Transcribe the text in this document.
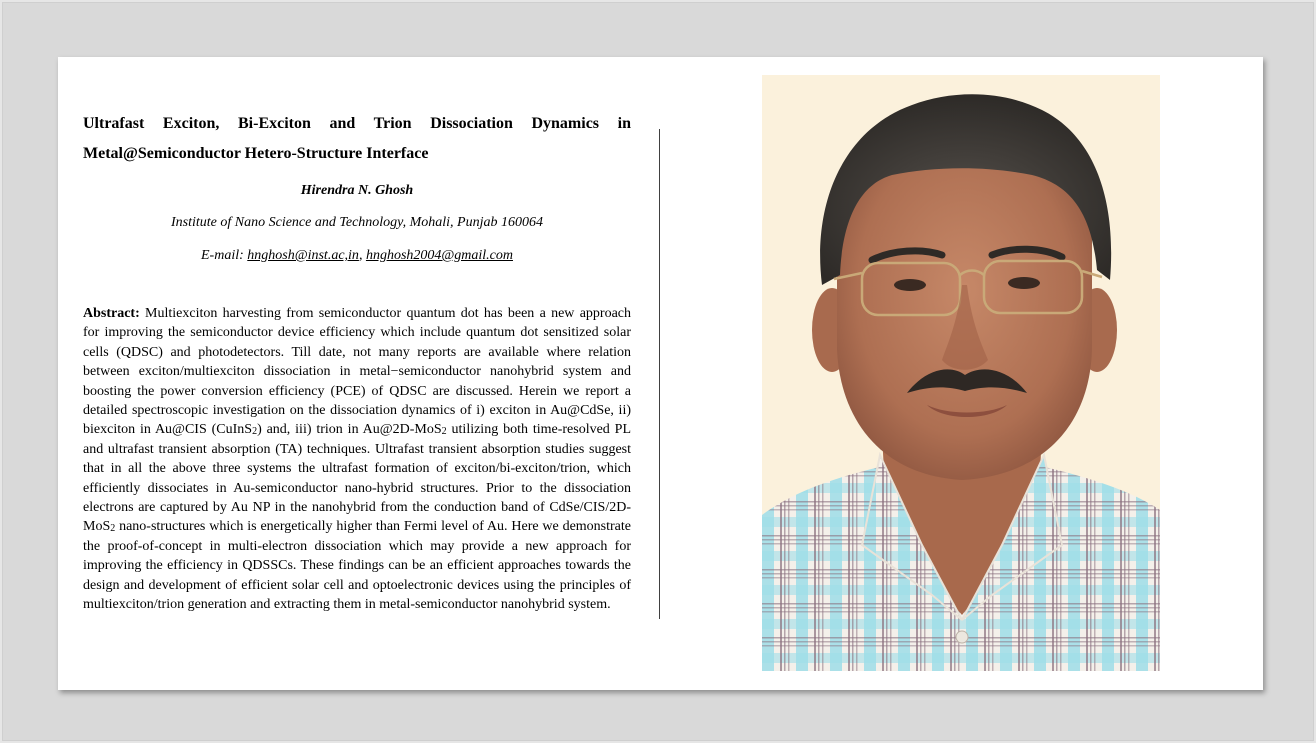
Ultrafast Exciton, Bi-Exciton and Trion Dissociation Dynamics in
Metal@Semiconductor Hetero-Structure Interface
Hirendra N. Ghosh
Institute of Nano Science and Technology, Mohali, Punjab 160064
E-mail: hnghosh@inst.ac,in, hnghosh2004@gmail.com
Abstract: Multiexciton harvesting from semiconductor quantum dot has been a new approach for improving the semiconductor device efficiency which include quantum dot sensitized solar cells (QDSC) and photodetectors. Till date, not many reports are available where relation between exciton/multiexciton dissociation in metal−semiconductor nanohybrid system and boosting the power conversion efficiency (PCE) of QDSC are discussed. Herein we report a detailed spectroscopic investigation on the dissociation dynamics of i) exciton in Au@CdSe, ii) biexciton in Au@CIS (CuInS$_2$) and, iii) trion in Au@2D-MoS$_2$ utilizing both time-resolved PL and ultrafast transient absorption (TA) techniques. Ultrafast transient absorption studies suggest that in all the above three systems the ultrafast formation of exciton/bi-exciton/trion, which efficiently dissociates in Au-semiconductor nano-hybrid structures. Prior to the dissociation electrons are captured by Au NP in the nanohybrid from the conduction band of CdSe/CIS/2D-MoS$_2$ nano-structures which is energetically higher than Fermi level of Au. Here we demonstrate the proof-of-concept in multi-electron dissociation which may provide a new approach for improving the efficiency in QDSSCs. These findings can be an efficient approaches towards the design and development of efficient solar cell and optoelectronic devices using the principles of multiexciton/trion generation and extracting them in metal-semiconductor nanohybrid system.
